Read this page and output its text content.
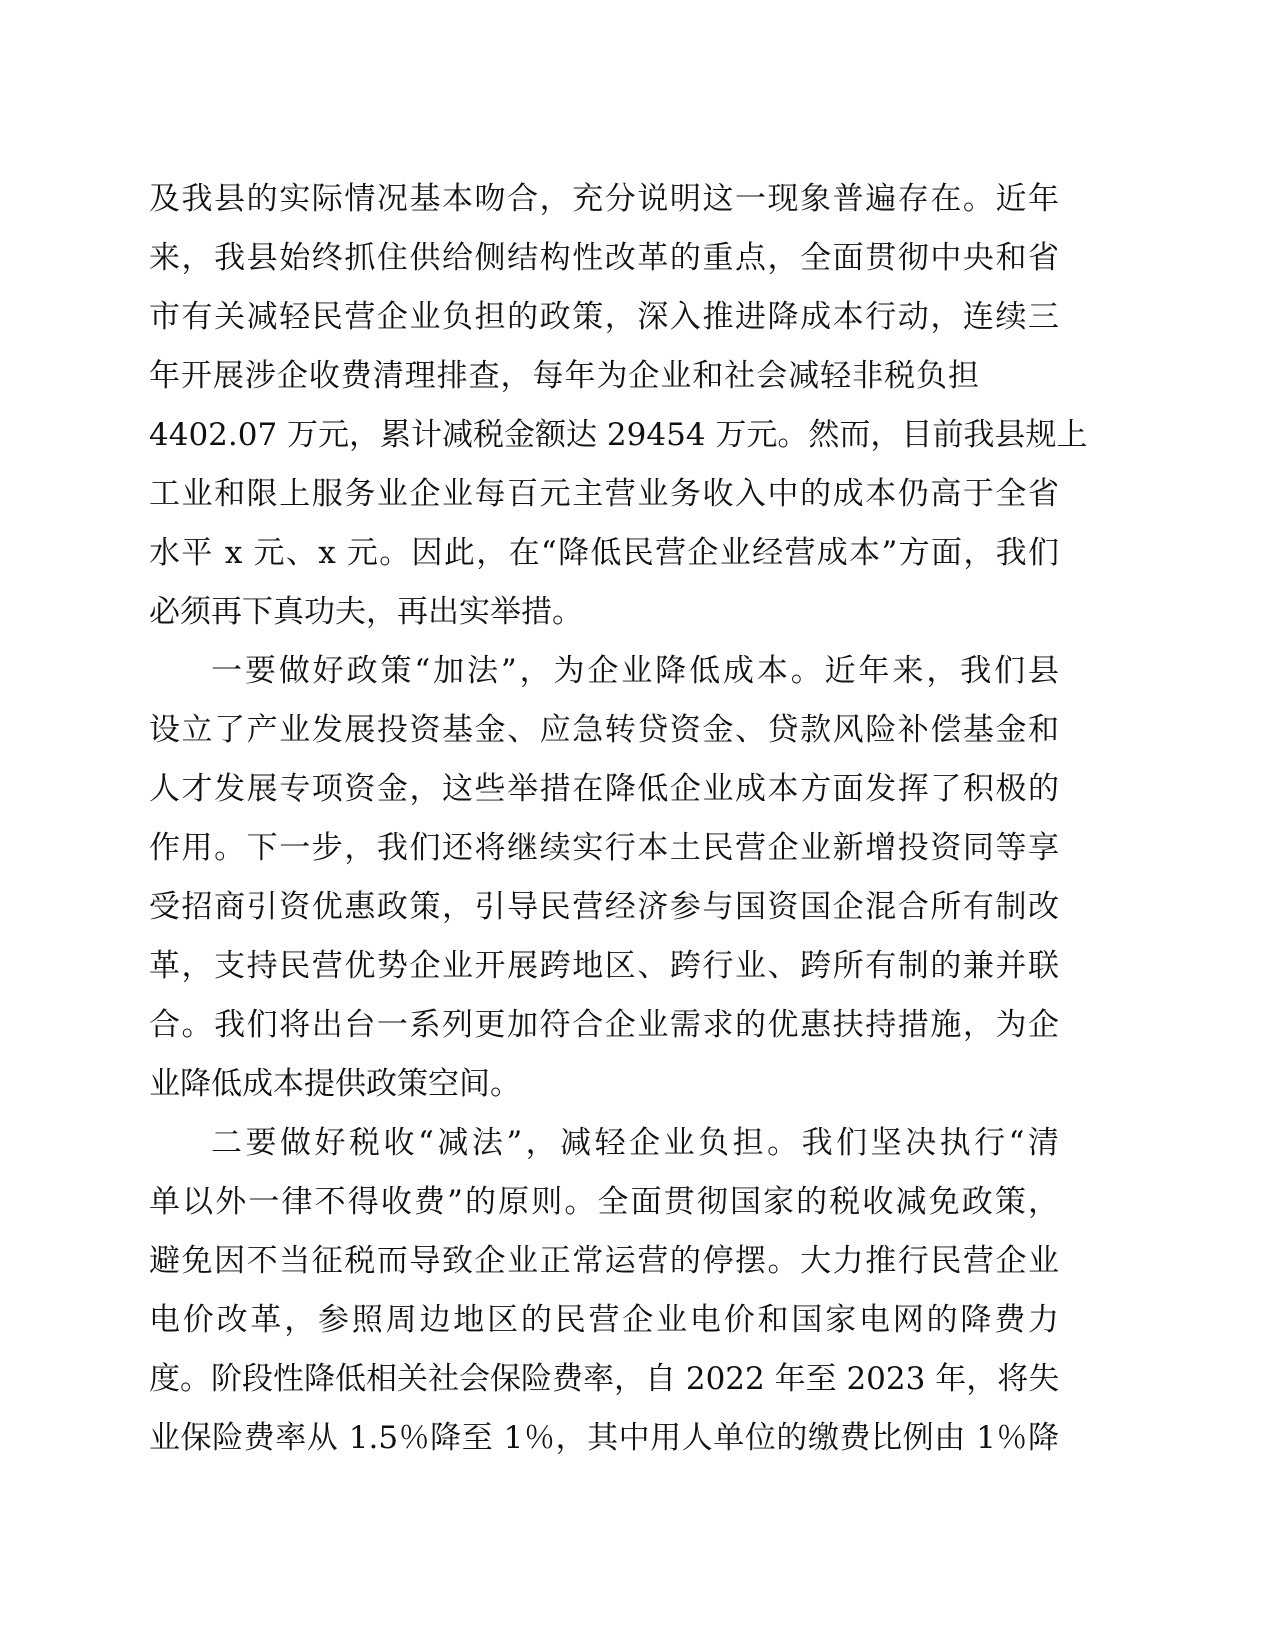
及我县的实际情况基本吻合，充分说明这一现象普遍存在。近年
来，我县始终抓住供给侧结构性改革的重点，全面贯彻中央和省
市有关减轻民营企业负担的政策，深入推进降成本行动，连续三
年开展涉企收费清理排查，每年为企业和社会减轻非税负担
4402.07 万元，累计减税金额达 29454 万元。然而，目前我县规上
工业和限上服务业企业每百元主营业务收入中的成本仍高于全省
水平 x 元、x 元。因此，在“降低民营企业经营成本”方面，我们
必须再下真功夫，再出实举措。
一要做好政策“加法”，为企业降低成本。近年来，我们县
设立了产业发展投资基金、应急转贷资金、贷款风险补偿基金和
人才发展专项资金，这些举措在降低企业成本方面发挥了积极的
作用。下一步，我们还将继续实行本土民营企业新增投资同等享
受招商引资优惠政策，引导民营经济参与国资国企混合所有制改
革，支持民营优势企业开展跨地区、跨行业、跨所有制的兼并联
合。我们将出台一系列更加符合企业需求的优惠扶持措施，为企
业降低成本提供政策空间。
二要做好税收“减法”，减轻企业负担。我们坚决执行“清
单以外一律不得收费”的原则。全面贯彻国家的税收减免政策，
避免因不当征税而导致企业正常运营的停摆。大力推行民营企业
电价改革，参照周边地区的民营企业电价和国家电网的降费力
度。阶段性降低相关社会保险费率，自 2022 年至 2023 年，将失
业保险费率从 1.5％降至 1％，其中用人单位的缴费比例由 1％降
